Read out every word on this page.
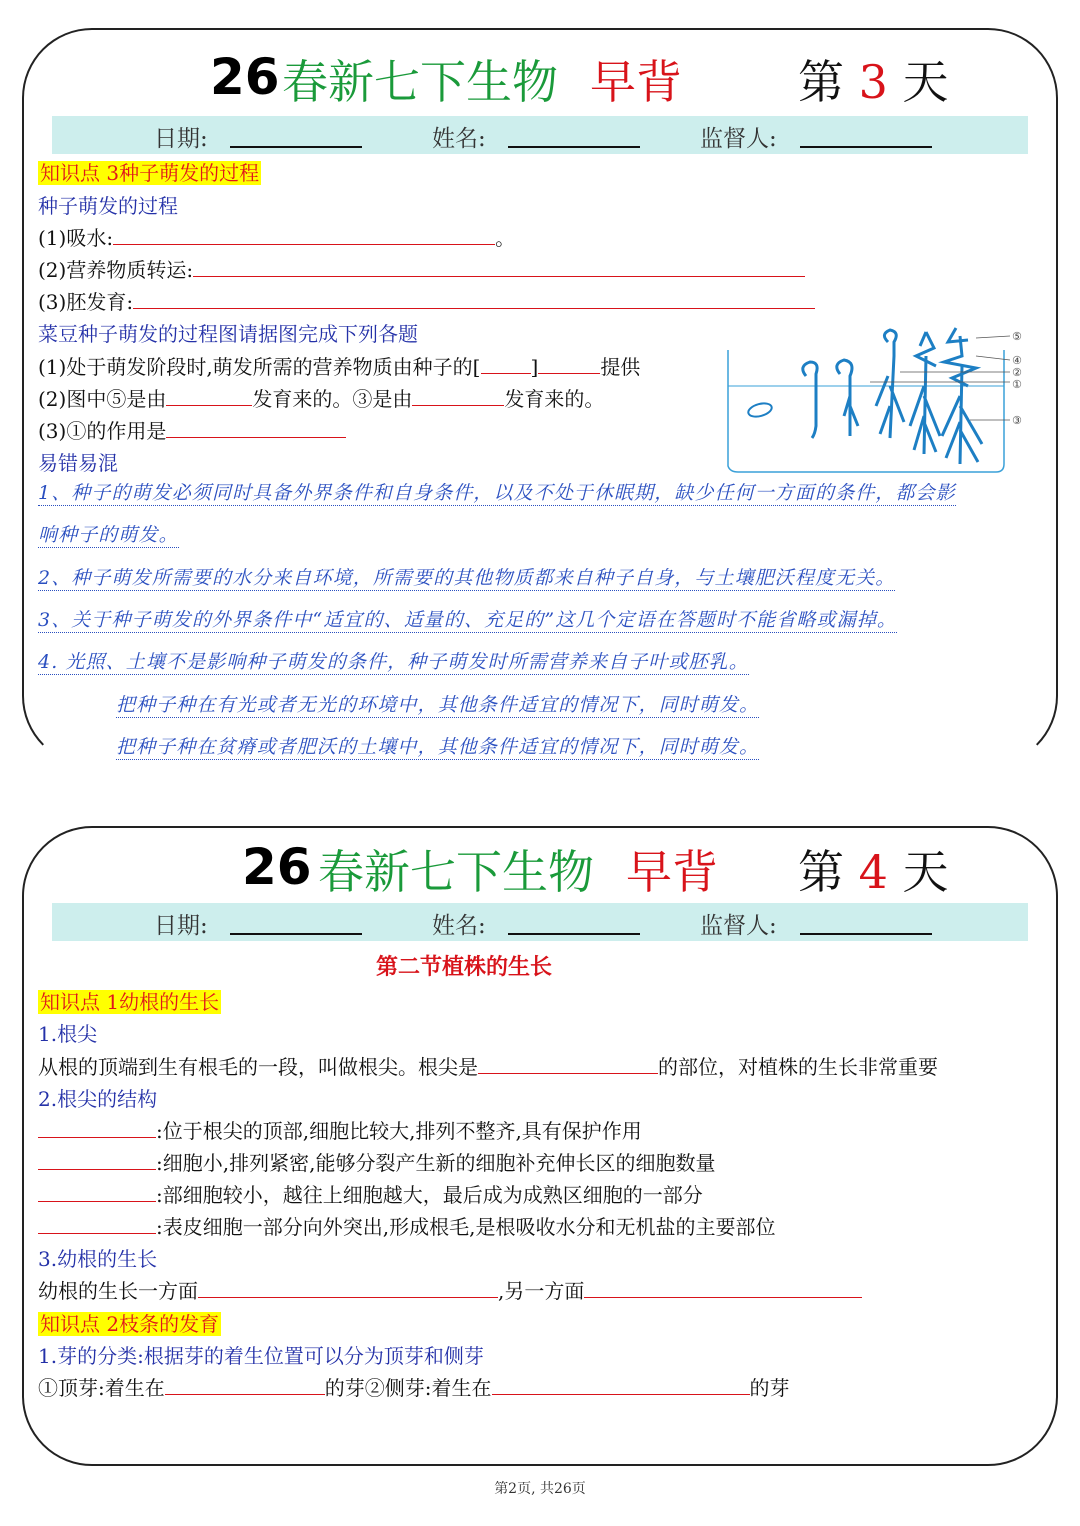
26 春新七下生物 早背	第 3 天
日期:	姓名:	监督人:
知识点 3种子萌发的过程
种子萌发的过程
(1)吸水:	。
(2)营养物质转运:
(3)胚发育:
菜豆种子萌发的过程图请据图完成下列各题
(1)处于萌发阶段时,萌发所需的营养物质由种子的[	]	提供
(2)图中⑤是由	发育来的。③是由	发育来的。
(3)①的作用是
易错易混
⑤
④
②
①
③
1、种子的萌发必须同时具备外界条件和自身条件，以及不处于休眠期，缺少任何一方面的条件，都会影
响种子的萌发。
2、种子萌发所需要的水分来自环境，所需要的其他物质都来自种子自身，与土壤肥沃程度无关。
3、关于种子萌发的外界条件中“适宜的、适量的、充足的”这几个定语在答题时不能省略或漏掉。
4. 光照、土壤不是影响种子萌发的条件，种子萌发时所需营养来自子叶或胚乳。
把种子种在有光或者无光的环境中，其他条件适宜的情况下，同时萌发。
把种子种在贫瘠或者肥沃的土壤中，其他条件适宜的情况下，同时萌发。
26 春新七下生物 早背 第 4 天
日期:	姓名:	监督人:
第二节植株的生长
知识点 1幼根的生长
1.根尖
从根的顶端到生有根毛的一段，叫做根尖。根尖是	的部位，对植株的生长非常重要
2.根尖的结构
:位于根尖的顶部,细胞比较大,排列不整齐,具有保护作用
:细胞小,排列紧密,能够分裂产生新的细胞补充伸长区的细胞数量
:部细胞较小，越往上细胞越大，最后成为成熟区细胞的一部分
:表皮细胞一部分向外突出,形成根毛,是根吸收水分和无机盐的主要部位
3.幼根的生长
幼根的生长一方面	,另一方面
知识点 2枝条的发育
1.芽的分类:根据芽的着生位置可以分为顶芽和侧芽
①顶芽:着生在	的芽②侧芽:着生在	的芽
第2页, 共26页
